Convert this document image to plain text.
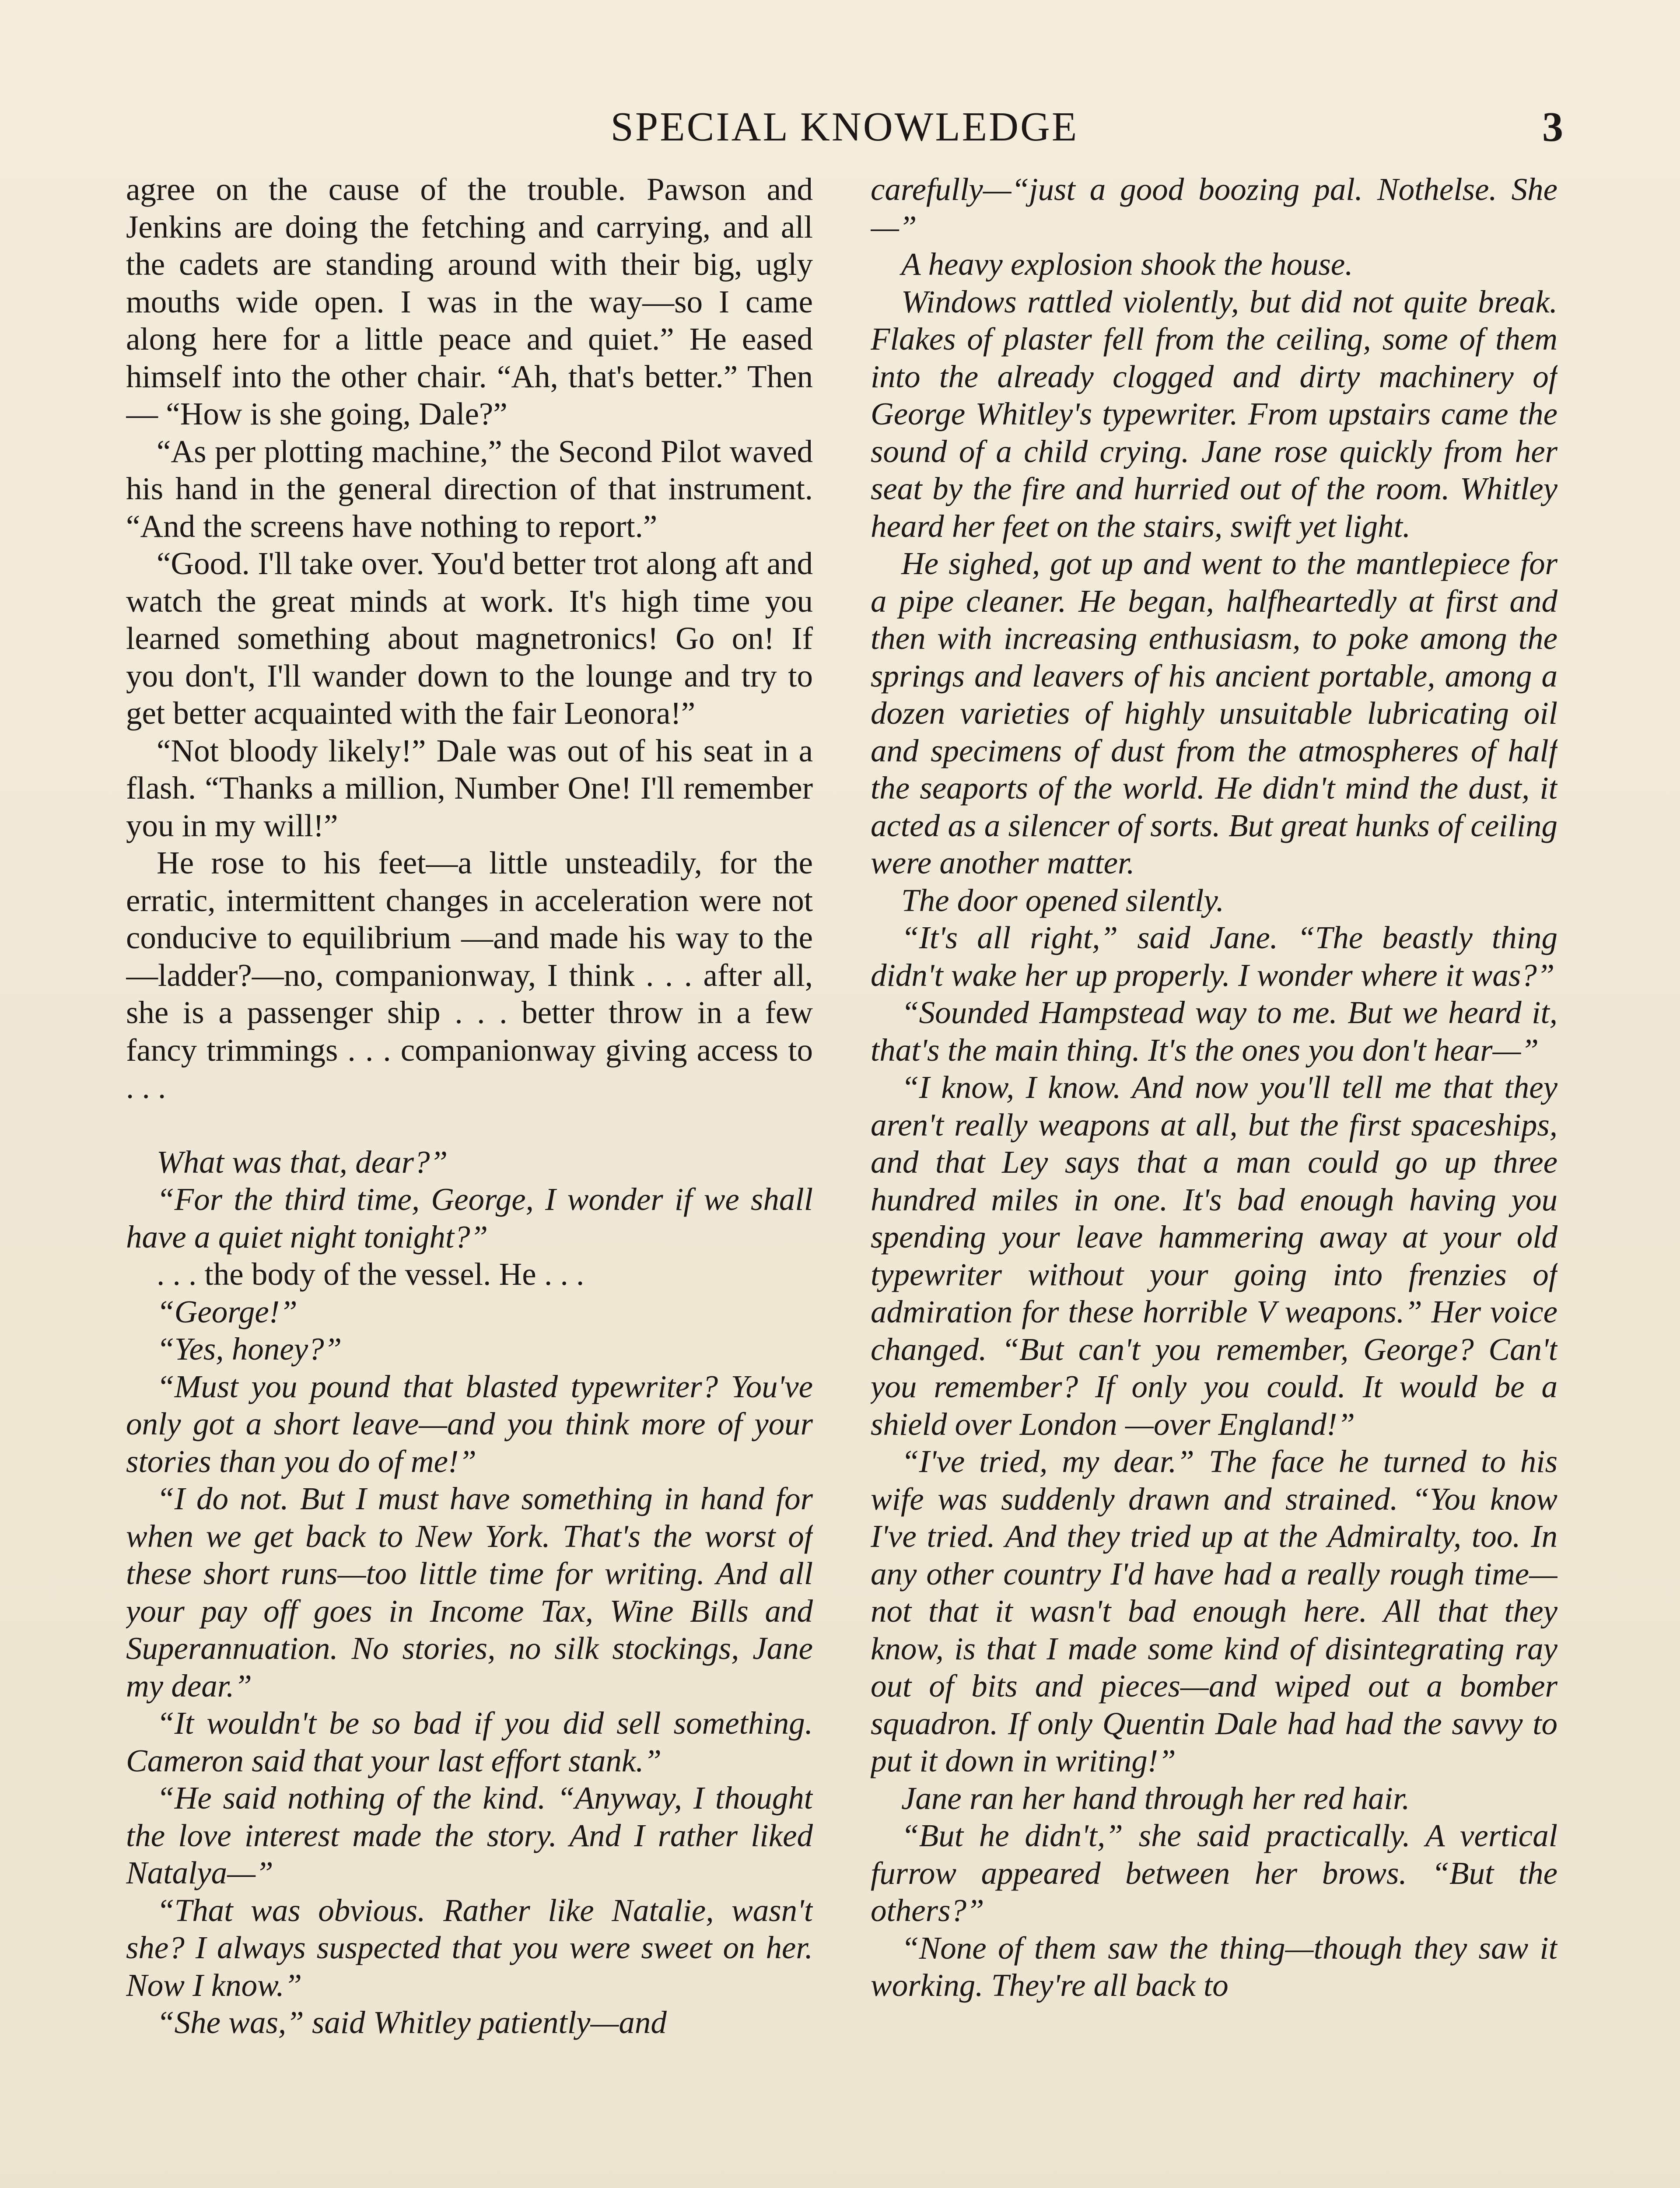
SPECIAL KNOWLEDGE	3

agree on the cause of the trouble. Pawson and Jenkins are doing the fetching and carrying, and all the cadets are standing around with their big, ugly mouths wide open. I was in the way—so I came along here for a little peace and quiet.” He eased himself into the other chair. “Ah, that's better.” Then— “How is she going, Dale?”

“As per plotting machine,” the Second Pilot waved his hand in the general direction of that instrument. “And the screens have nothing to report.”

“Good. I'll take over. You'd better trot along aft and watch the great minds at work. It's high time you learned something about magnetronics! Go on! If you don't, I'll wander down to the lounge and try to get better acquainted with the fair Leonora!”

“Not bloody likely!” Dale was out of his seat in a flash. “Thanks a million, Number One! I'll remember you in my will!”

He rose to his feet—a little unsteadily, for the erratic, intermittent changes in acceleration were not conducive to equilibrium —and made his way to the—ladder?—no, companionway, I think . . . after all, she is a passenger ship . . . better throw in a few fancy trimmings . . . companionway giving access to . . .

What was that, dear?”

“For the third time, George, I wonder if we shall have a quiet night tonight?”

. . . the body of the vessel. He . . .

“George!”

“Yes, honey?”

“Must you pound that blasted typewriter? You've only got a short leave—and you think more of your stories than you do of me!”

“I do not. But I must have something in hand for when we get back to New York. That's the worst of these short runs—too little time for writing. And all your pay off goes in Income Tax, Wine Bills and Superannuation. No stories, no silk stockings, Jane my dear.”

“It wouldn't be so bad if you did sell something. Cameron said that your last effort stank.”

“He said nothing of the kind. “Anyway, I thought the love interest made the story. And I rather liked Natalya—”

“That was obvious. Rather like Natalie, wasn't she? I always suspected that you were sweet on her. Now I know.”

“She was,” said Whitley patiently—and

carefully—“just a good boozing pal. Nothelse. She—”

A heavy explosion shook the house.

Windows rattled violently, but did not quite break. Flakes of plaster fell from the ceiling, some of them into the already clogged and dirty machinery of George Whitley's typewriter. From upstairs came the sound of a child crying. Jane rose quickly from her seat by the fire and hurried out of the room. Whitley heard her feet on the stairs, swift yet light.

He sighed, got up and went to the mantlepiece for a pipe cleaner. He began, halfheartedly at first and then with increasing enthusiasm, to poke among the springs and leavers of his ancient portable, among a dozen varieties of highly unsuitable lubricating oil and specimens of dust from the atmospheres of half the seaports of the world. He didn't mind the dust, it acted as a silencer of sorts. But great hunks of ceiling were another matter.

The door opened silently.

“It's all right,” said Jane. “The beastly thing didn't wake her up properly. I wonder where it was?”

“Sounded Hampstead way to me. But we heard it, that's the main thing. It's the ones you don't hear—”

“I know, I know. And now you'll tell me that they aren't really weapons at all, but the first spaceships, and that Ley says that a man could go up three hundred miles in one. It's bad enough having you spending your leave hammering away at your old typewriter without your going into frenzies of admiration for these horrible V weapons.” Her voice changed. “But can't you remember, George? Can't you remember? If only you could. It would be a shield over London —over England!”

“I've tried, my dear.” The face he turned to his wife was suddenly drawn and strained. “You know I've tried. And they tried up at the Admiralty, too. In any other country I'd have had a really rough time—not that it wasn't bad enough here. All that they know, is that I made some kind of disintegrating ray out of bits and pieces—and wiped out a bomber squadron. If only Quentin Dale had had the savvy to put it down in writing!”

Jane ran her hand through her red hair.

“But he didn't,” she said practically. A vertical furrow appeared between her brows. “But the others?”

“None of them saw the thing—though they saw it working. They're all back to
